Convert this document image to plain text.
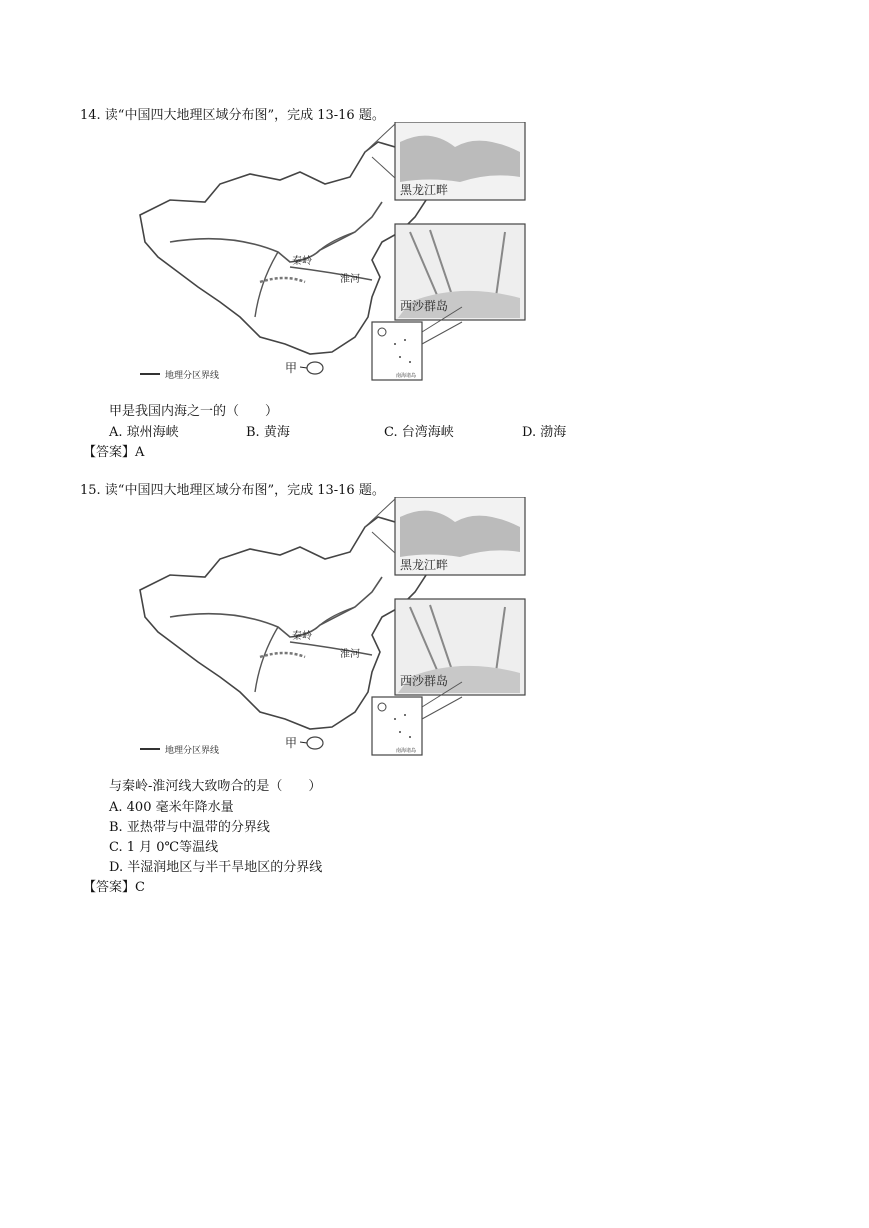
14. 读“中国四大地理区域分布图”，完成 13-16 题。
秦岭
淮河
甲
地理分区界线
黑龙江畔
西沙群岛
南海诸岛
甲是我国内海之一的（　　）
A. 琼州海峡	B. 黄海	C. 台湾海峡	D. 渤海
【答案】A
15. 读“中国四大地理区域分布图”，完成 13-16 题。
秦岭
淮河
甲
地理分区界线
黑龙江畔
西沙群岛
南海诸岛
与秦岭-淮河线大致吻合的是（　　）
A. 400 毫米年降水量
B. 亚热带与中温带的分界线
C. 1 月 0℃等温线
D. 半湿润地区与半干旱地区的分界线
【答案】C
